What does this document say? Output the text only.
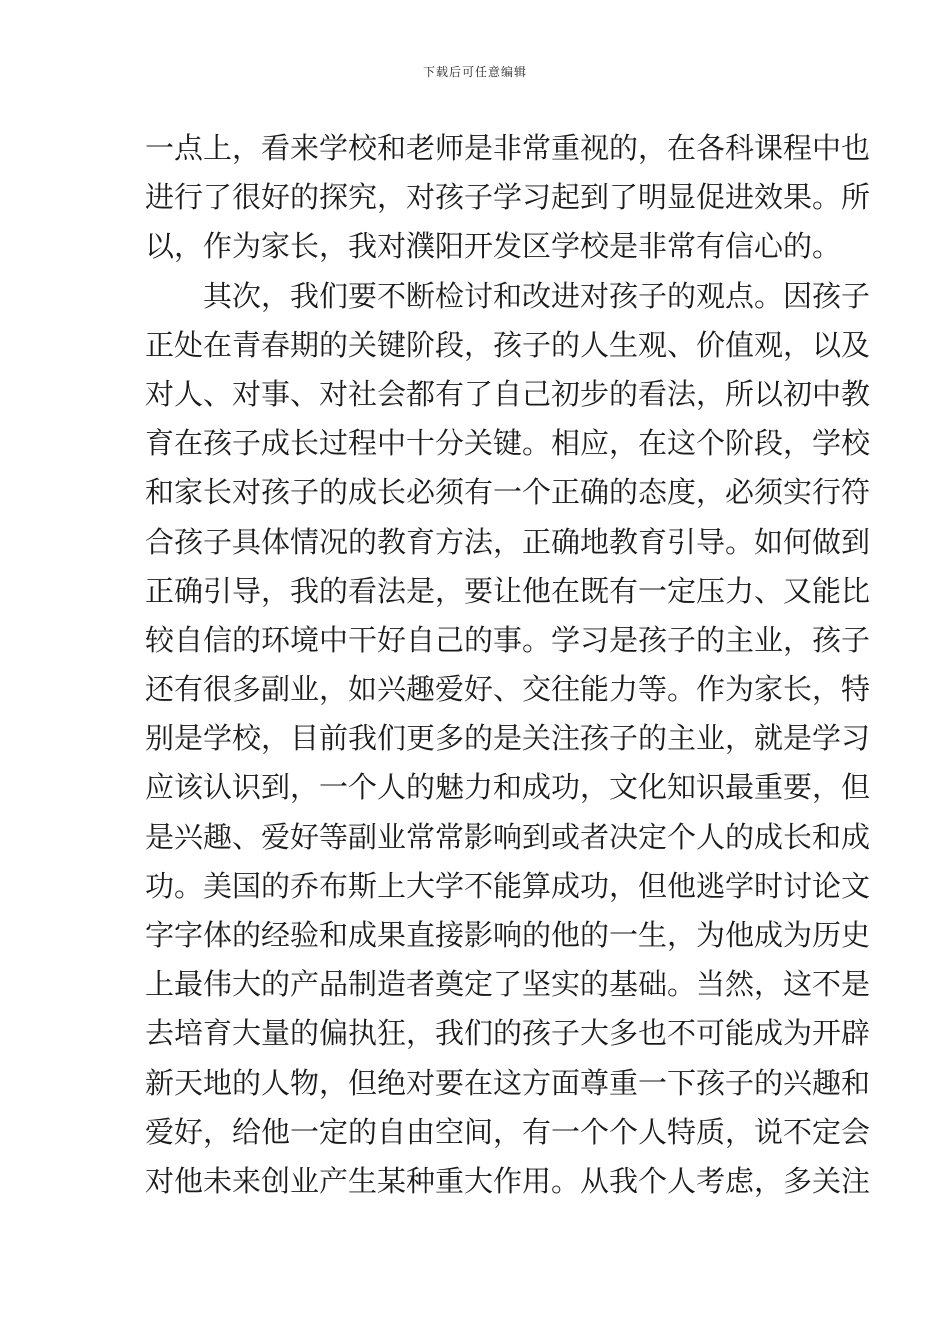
下载后可任意编辑
一点上，看来学校和老师是非常重视的，在各科课程中也
进行了很好的探究，对孩子学习起到了明显促进效果。所
以，作为家长，我对濮阳开发区学校是非常有信心的。
其次，我们要不断检讨和改进对孩子的观点。因孩子
正处在青春期的关键阶段，孩子的人生观、价值观，以及
对人、对事、对社会都有了自己初步的看法，所以初中教
育在孩子成长过程中十分关键。相应，在这个阶段，学校
和家长对孩子的成长必须有一个正确的态度，必须实行符
合孩子具体情况的教育方法，正确地教育引导。如何做到
正确引导，我的看法是，要让他在既有一定压力、又能比
较自信的环境中干好自己的事。学习是孩子的主业，孩子
还有很多副业，如兴趣爱好、交往能力等。作为家长，特
别是学校，目前我们更多的是关注孩子的主业，就是学习
应该认识到，一个人的魅力和成功，文化知识最重要，但
是兴趣、爱好等副业常常影响到或者决定个人的成长和成
功。美国的乔布斯上大学不能算成功，但他逃学时讨论文
字字体的经验和成果直接影响的他的一生，为他成为历史
上最伟大的产品制造者奠定了坚实的基础。当然，这不是
去培育大量的偏执狂，我们的孩子大多也不可能成为开辟
新天地的人物，但绝对要在这方面尊重一下孩子的兴趣和
爱好，给他一定的自由空间，有一个个人特质，说不定会
对他未来创业产生某种重大作用。从我个人考虑，多关注
